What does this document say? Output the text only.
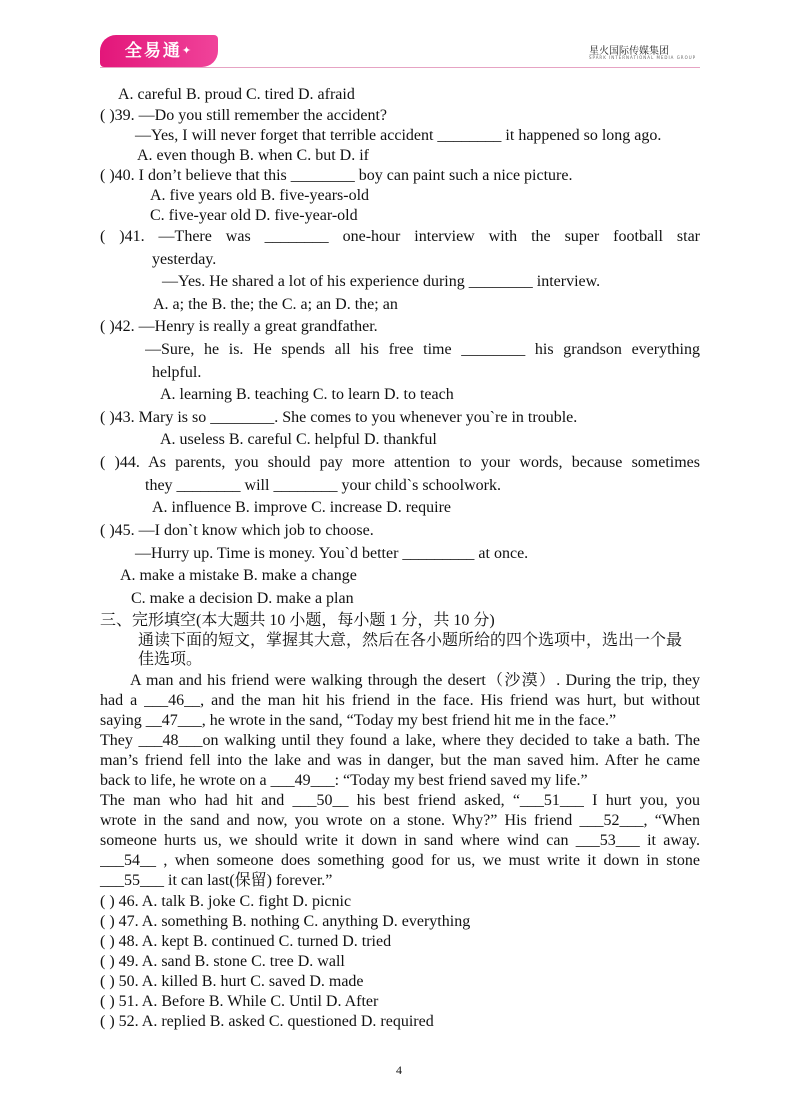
全易通✦	星火国际传媒集团
SPARK INTERNATIONAL MEDIA GROUP
A. careful B. proud C. tired D. afraid
( )39. —Do you still remember the accident?
—Yes, I will never forget that terrible accident ________ it happened so long ago.
A. even though B. when C. but D. if
( )40. I don’t believe that this ________ boy can paint such a nice picture.
A. five years old B. five-years-old
C. five-year old D. five-year-old
( )41. —There was ________ one-hour interview with the super football star
yesterday.
—Yes. He shared a lot of his experience during ________ interview.
A. a; the B. the; the C. a; an D. the; an
( )42. —Henry is really a great grandfather.
—Sure, he is. He spends all his free time ________ his grandson everything
helpful.
A. learning B. teaching C. to learn D. to teach
( )43. Mary is so ________. She comes to you whenever you`re in trouble.
A. useless B. careful C. helpful D. thankful
( )44. As parents, you should pay more attention to your words, because sometimes
they ________ will ________ your child`s schoolwork.
A. influence B. improve C. increase D. require
( )45. —I don`t know which job to choose.
—Hurry up. Time is money. You`d better _________ at once.
A. make a mistake B. make a change
C. make a decision D. make a plan
三、完形填空(本大题共 10 小题，每小题 1 分，共 10 分)
通读下面的短文，掌握其大意，然后在各小题所给的四个选项中，选出一个最
佳选项。
A man and his friend were walking through the desert（沙漠）. During the trip, they
had a ___46__, and the man hit his friend in the face. His friend was hurt, but without
saying __47___, he wrote in the sand, “Today my best friend hit me in the face.”
They ___48___on walking until they found a lake, where they decided to take a bath. The
man’s friend fell into the lake and was in danger, but the man saved him. After he came
back to life, he wrote on a ___49___: “Today my best friend saved my life.”
The man who had hit and ___50__ his best friend asked, “___51___ I hurt you, you
wrote in the sand and now, you wrote on a stone. Why?” His friend ___52___, “When
someone hurts us, we should write it down in sand where wind can ___53___ it away.
___54__ , when someone does something good for us, we must write it down in stone
___55___ it can last(保留) forever.”
( ) 46. A. talk B. joke C. fight D. picnic
( ) 47. A. something B. nothing C. anything D. everything
( ) 48. A. kept B. continued C. turned D. tried
( ) 49. A. sand B. stone C. tree D. wall
( ) 50. A. killed B. hurt C. saved D. made
( ) 51. A. Before B. While C. Until D. After
( ) 52. A. replied B. asked C. questioned D. required
4
